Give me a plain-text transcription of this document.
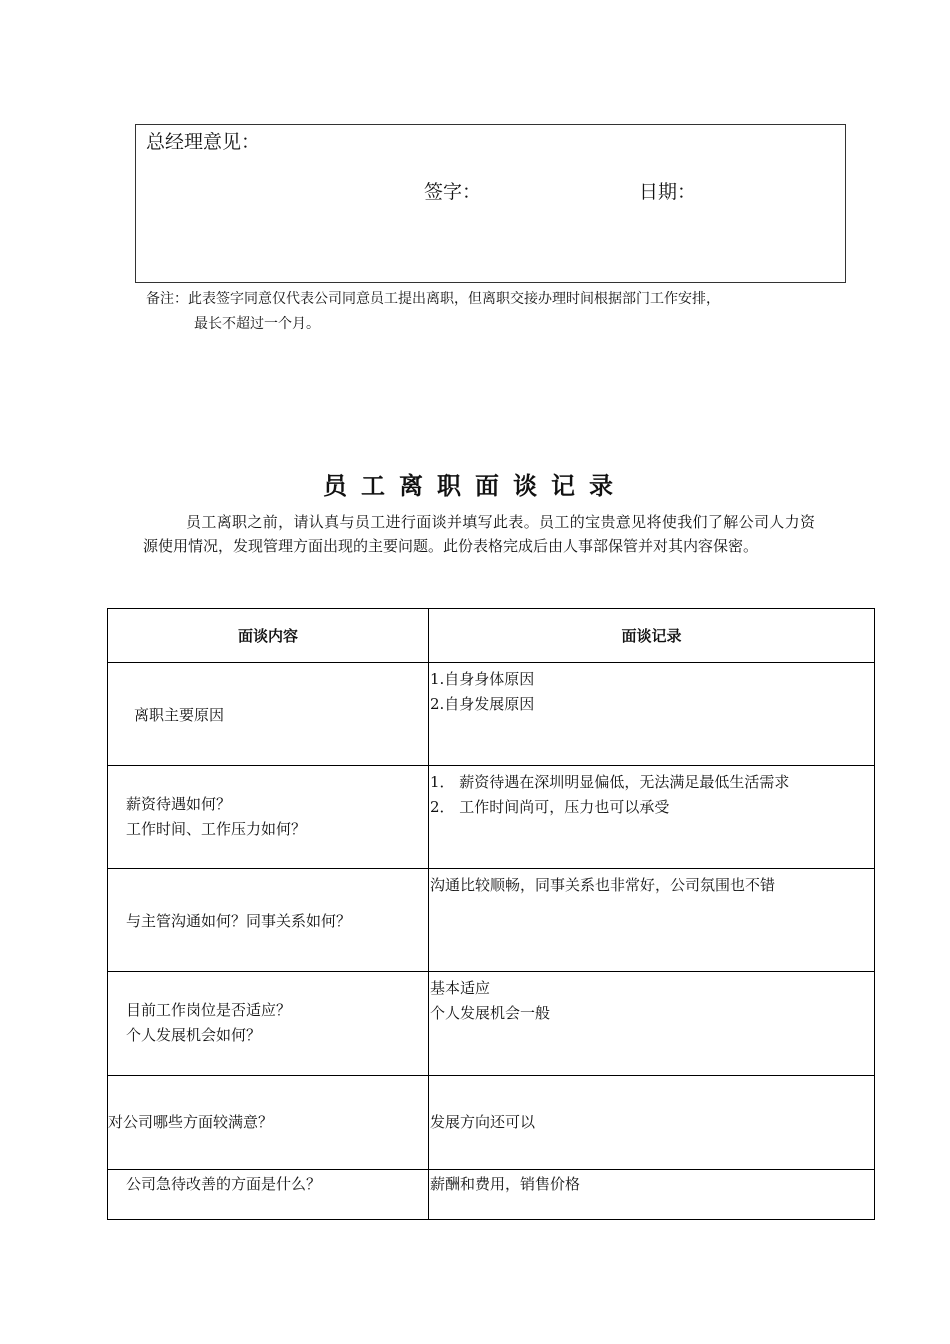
总经理意见：
签字：	日期：
备注：此表签字同意仅代表公司同意员工提出离职，但离职交接办理时间根据部门工作安排，
最长不超过一个月。
员工离职面谈记录
员工离职之前，请认真与员工进行面谈并填写此表。员工的宝贵意见将使我们了解公司人力资源使用情况，发现管理方面出现的主要问题。此份表格完成后由人事部保管并对其内容保密。
面谈内容	面谈记录

离职主要原因	1.自身身体原因
2.自身发展原因

薪资待遇如何？
工作时间、工作压力如何？	1． 薪资待遇在深圳明显偏低，无法满足最低生活需求
2． 工作时间尚可，压力也可以承受

与主管沟通如何？同事关系如何？	沟通比较顺畅，同事关系也非常好，公司氛围也不错

目前工作岗位是否适应？
个人发展机会如何？	基本适应
个人发展机会一般

对公司哪些方面较满意？	发展方向还可以

公司急待改善的方面是什么？	薪酬和费用，销售价格
